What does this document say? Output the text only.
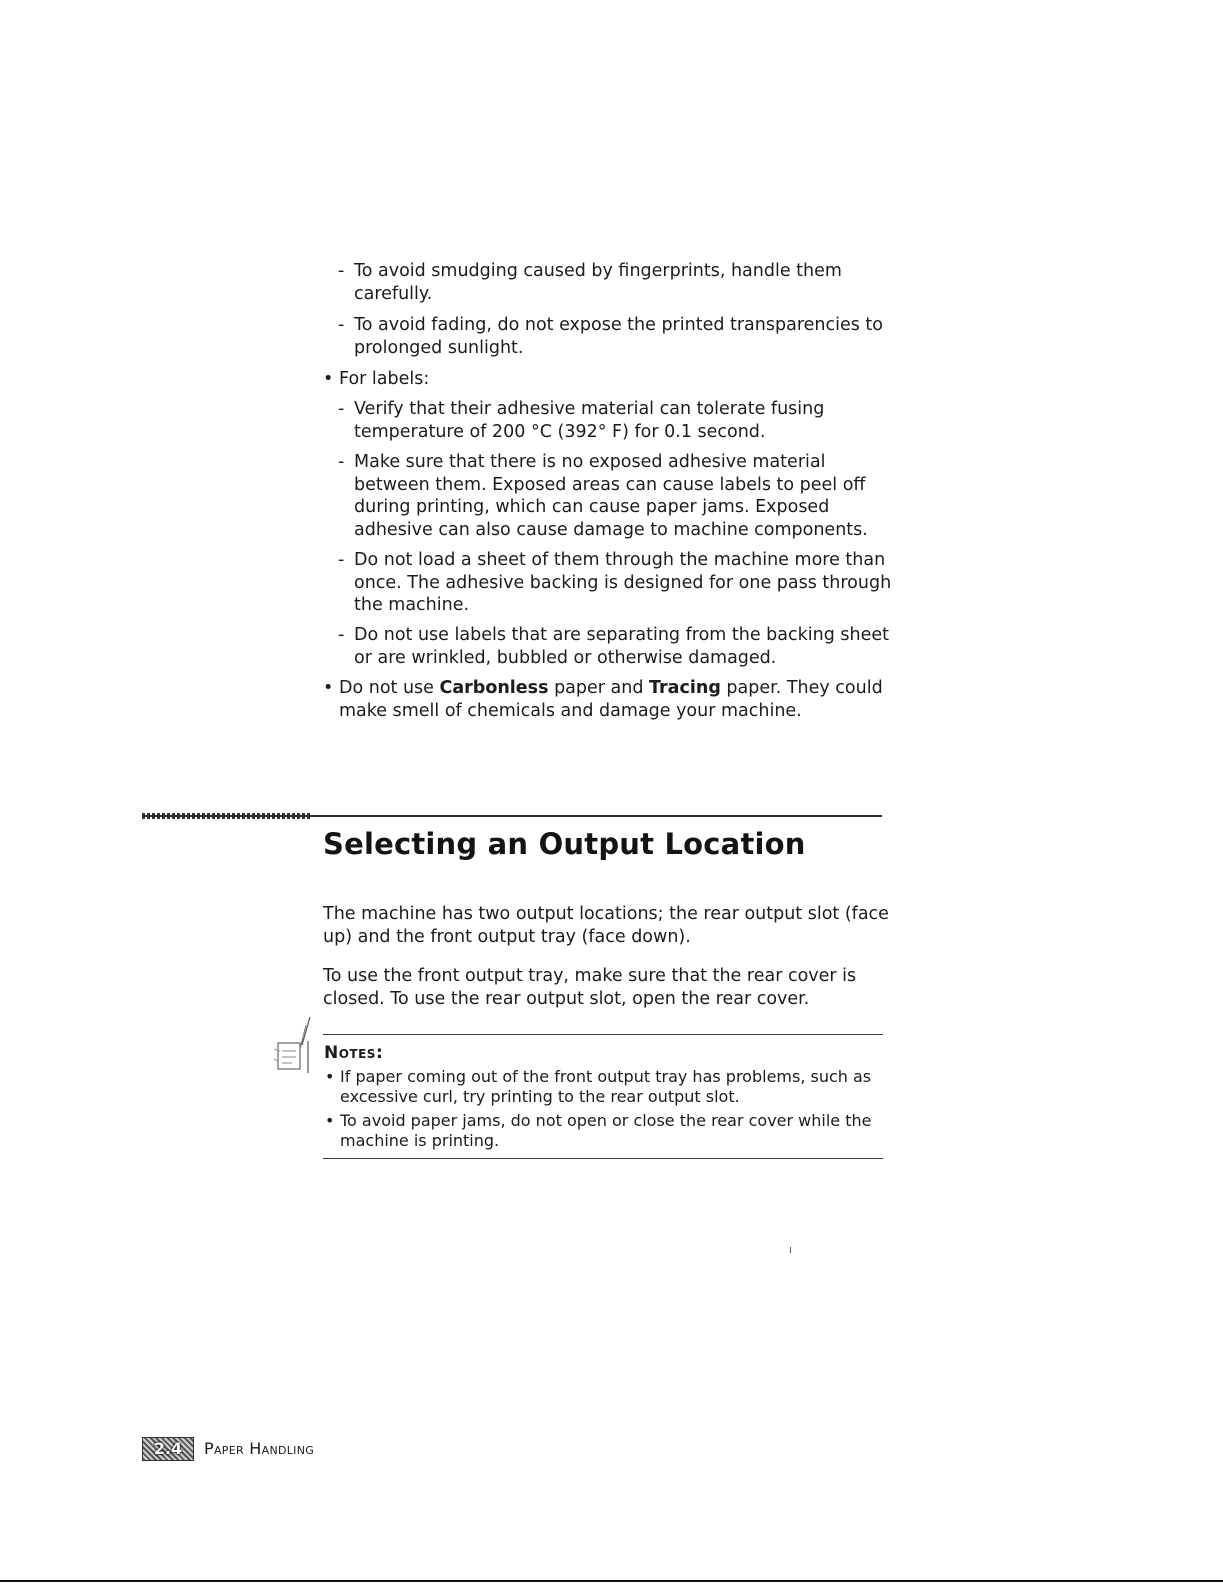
- To avoid smudging caused by fingerprints, handle them carefully.
- To avoid fading, do not expose the printed transparencies to prolonged sunlight.
• For labels:
- Verify that their adhesive material can tolerate fusing temperature of 200 °C (392° F) for 0.1 second.
- Make sure that there is no exposed adhesive material between them. Exposed areas can cause labels to peel off during printing, which can cause paper jams. Exposed adhesive can also cause damage to machine components.
- Do not load a sheet of them through the machine more than once. The adhesive backing is designed for one pass through the machine.
- Do not use labels that are separating from the backing sheet or are wrinkled, bubbled or otherwise damaged.
• Do not use Carbonless paper and Tracing paper. They could make smell of chemicals and damage your machine.
Selecting an Output Location
The machine has two output locations; the rear output slot (face up) and the front output tray (face down).
To use the front output tray, make sure that the rear cover is closed. To use the rear output slot, open the rear cover.
Notes:
• If paper coming out of the front output tray has problems, such as excessive curl, try printing to the rear output slot.
• To avoid paper jams, do not open or close the rear cover while the machine is printing.
2.4	Paper Handling
